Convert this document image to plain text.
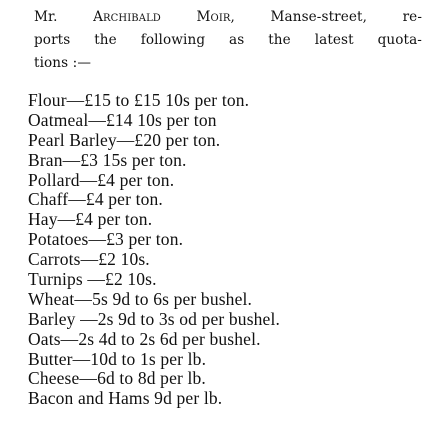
Mr.	Archibald	Moir, Manse-street, re-
ports the following as the latest quota-
tions :—

Flour—£15 to £15 10s per ton.
Oatmeal—£14 10s per ton
Pearl Barley—£20 per ton.
Bran—£3 15s per ton.
Pollard—£4 per ton.
Chaff—£4 per ton.
Hay—£4 per ton.
Potatoes—£3 per ton.
Carrots—£2 10s.
Turnips —£2 10s.
Wheat—5s 9d to 6s per bushel.
Barley —2s 9d to 3s od per bushel.
Oats—2s 4d to 2s 6d per bushel.
Butter—10d to 1s per lb.
Cheese—6d to 8d per lb.
Bacon and Hams 9d per lb.
